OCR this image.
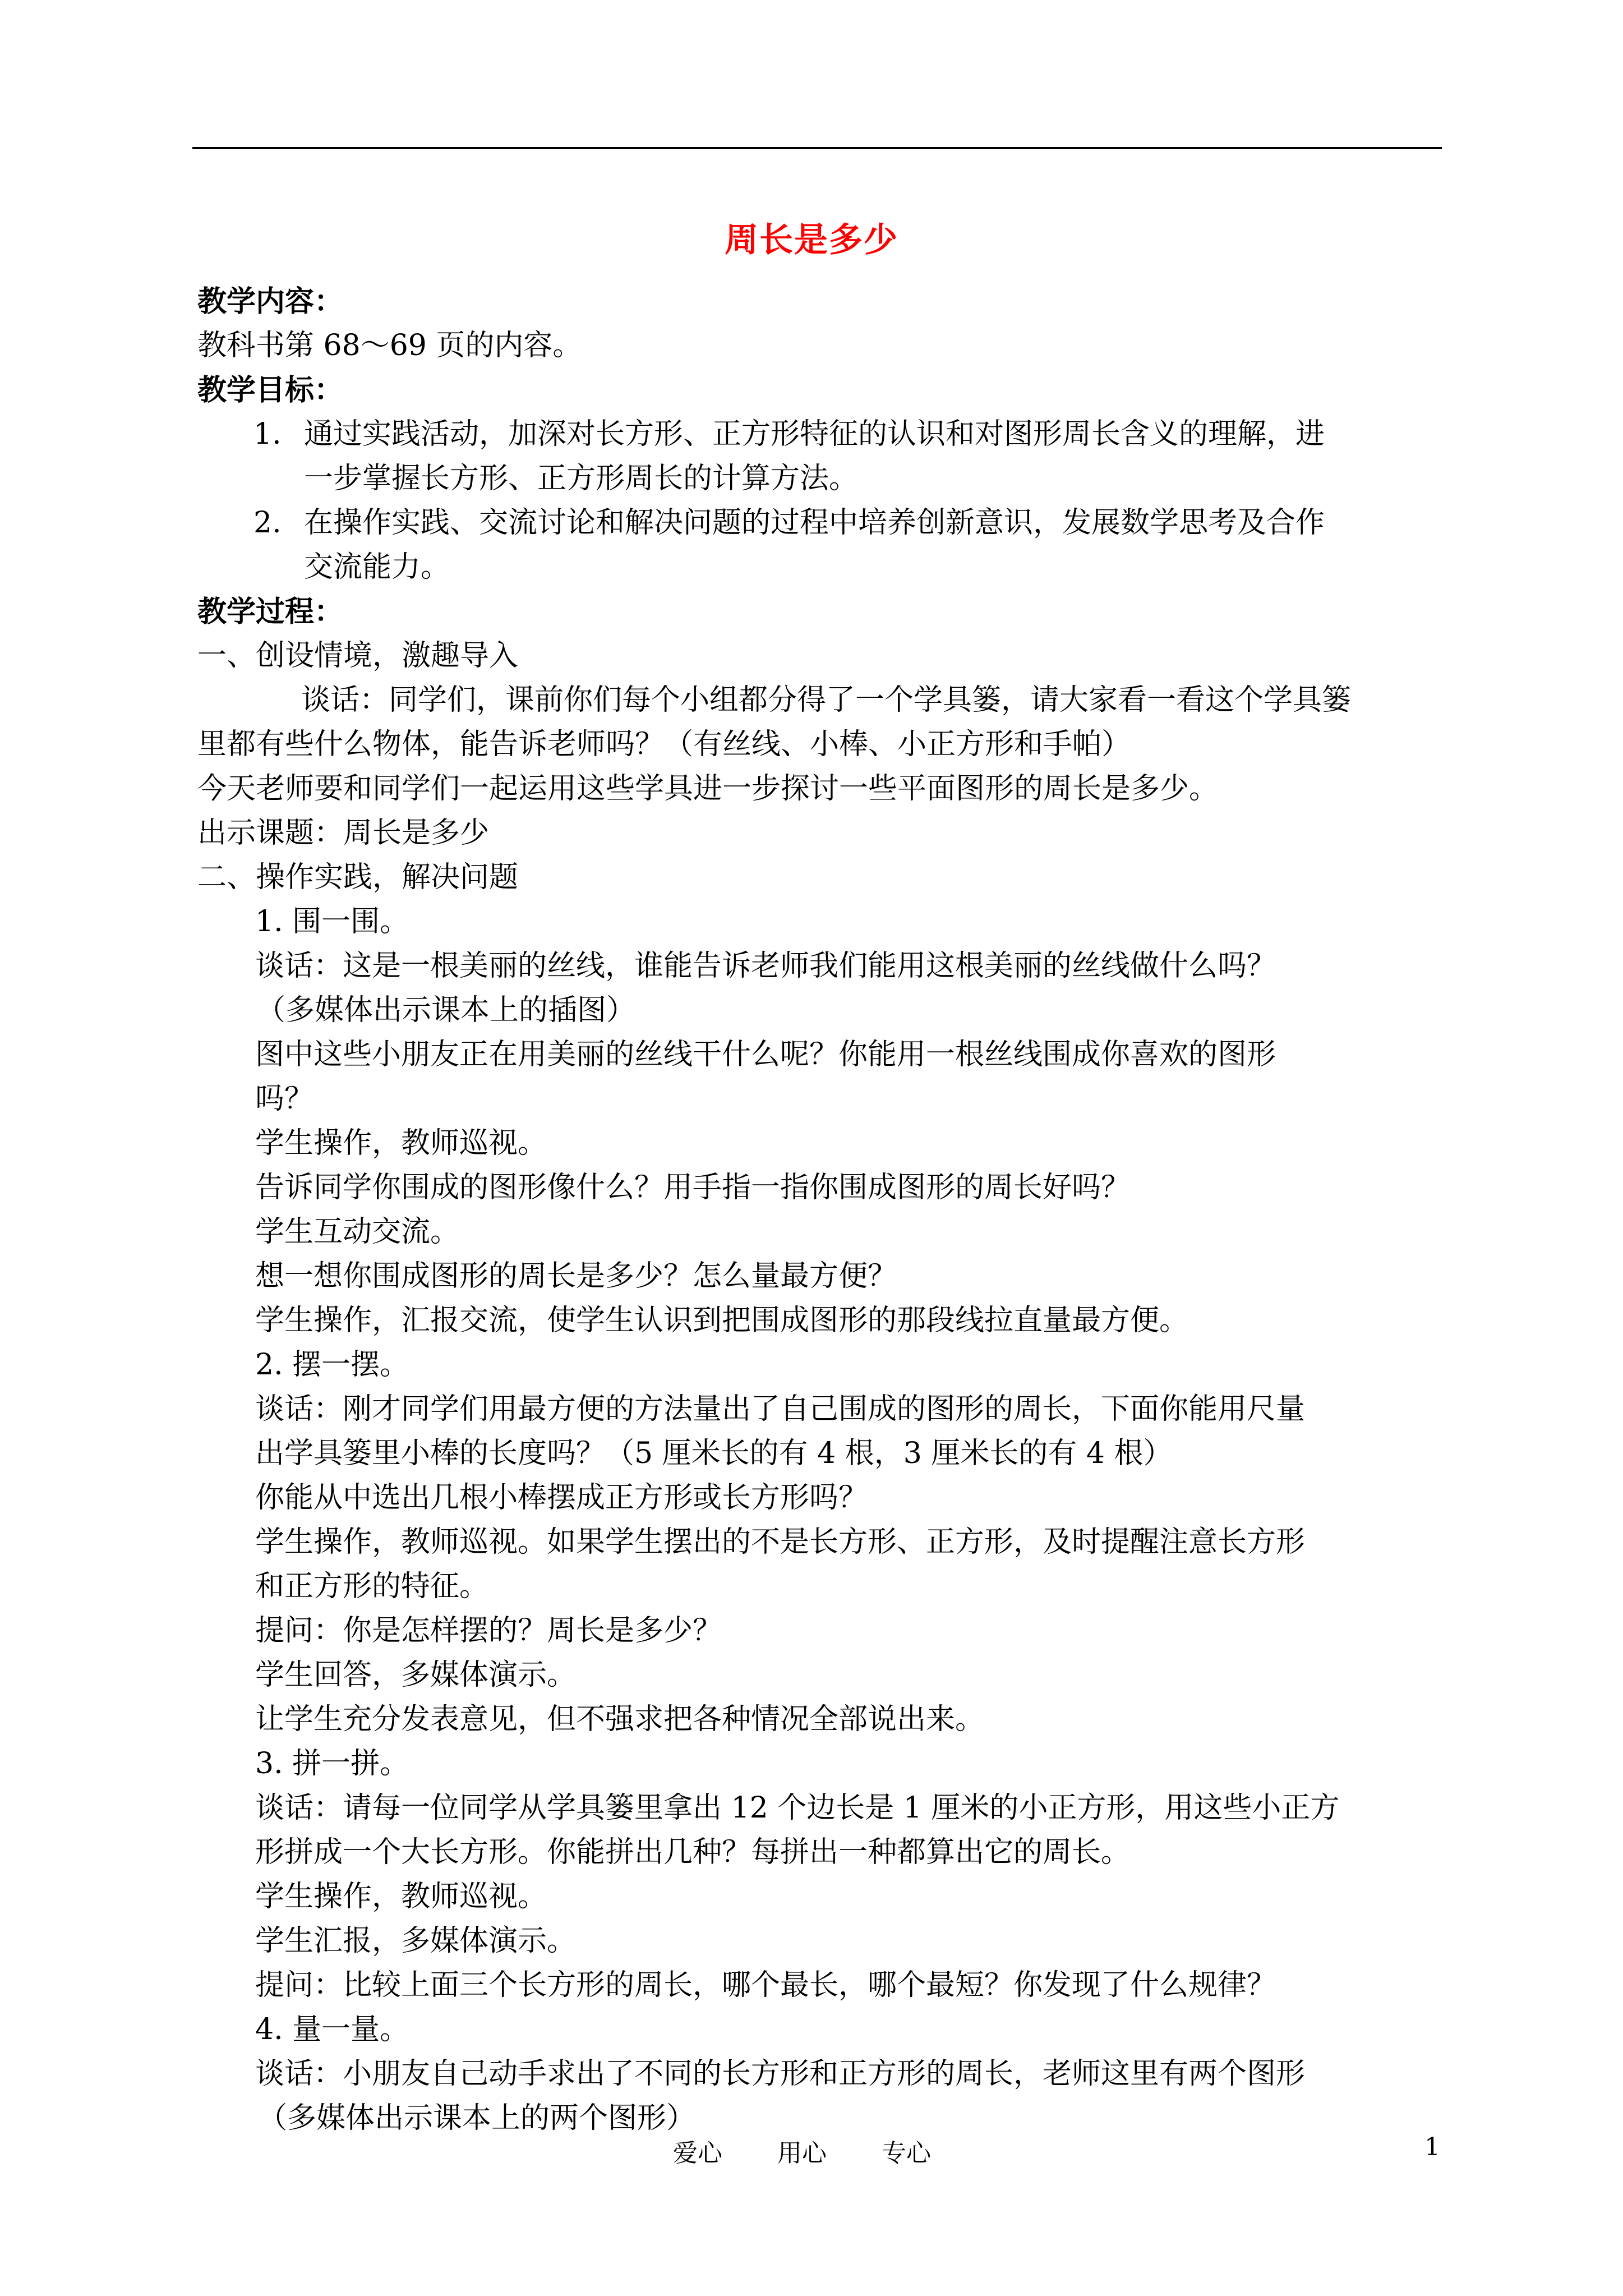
周长是多少
教学内容：
教科书第 68～69 页的内容。
教学目标：
1. 通过实践活动，加深对长方形、正方形特征的认识和对图形周长含义的理解，进
一步掌握长方形、正方形周长的计算方法。
2. 在操作实践、交流讨论和解决问题的过程中培养创新意识，发展数学思考及合作
交流能力。
教学过程：
一、创设情境，激趣导入
谈话：同学们，课前你们每个小组都分得了一个学具篓，请大家看一看这个学具篓
里都有些什么物体，能告诉老师吗？（有丝线、小棒、小正方形和手帕）
今天老师要和同学们一起运用这些学具进一步探讨一些平面图形的周长是多少。
出示课题：周长是多少
二、操作实践，解决问题
1. 围一围。
谈话：这是一根美丽的丝线，谁能告诉老师我们能用这根美丽的丝线做什么吗？
（多媒体出示课本上的插图）
图中这些小朋友正在用美丽的丝线干什么呢？你能用一根丝线围成你喜欢的图形
吗？
学生操作，教师巡视。
告诉同学你围成的图形像什么？用手指一指你围成图形的周长好吗？
学生互动交流。
想一想你围成图形的周长是多少？怎么量最方便？
学生操作，汇报交流，使学生认识到把围成图形的那段线拉直量最方便。
2. 摆一摆。
谈话：刚才同学们用最方便的方法量出了自己围成的图形的周长，下面你能用尺量
出学具篓里小棒的长度吗？（5 厘米长的有 4 根，3 厘米长的有 4 根）
你能从中选出几根小棒摆成正方形或长方形吗？
学生操作，教师巡视。如果学生摆出的不是长方形、正方形，及时提醒注意长方形
和正方形的特征。
提问：你是怎样摆的？周长是多少？
学生回答，多媒体演示。
让学生充分发表意见，但不强求把各种情况全部说出来。
3. 拼一拼。
谈话：请每一位同学从学具篓里拿出 12 个边长是 1 厘米的小正方形，用这些小正方
形拼成一个大长方形。你能拼出几种？每拼出一种都算出它的周长。
学生操作，教师巡视。
学生汇报，多媒体演示。
提问：比较上面三个长方形的周长，哪个最长，哪个最短？你发现了什么规律？
4. 量一量。
谈话：小朋友自己动手求出了不同的长方形和正方形的周长，老师这里有两个图形
（多媒体出示课本上的两个图形）
爱心 用心 专心	1
